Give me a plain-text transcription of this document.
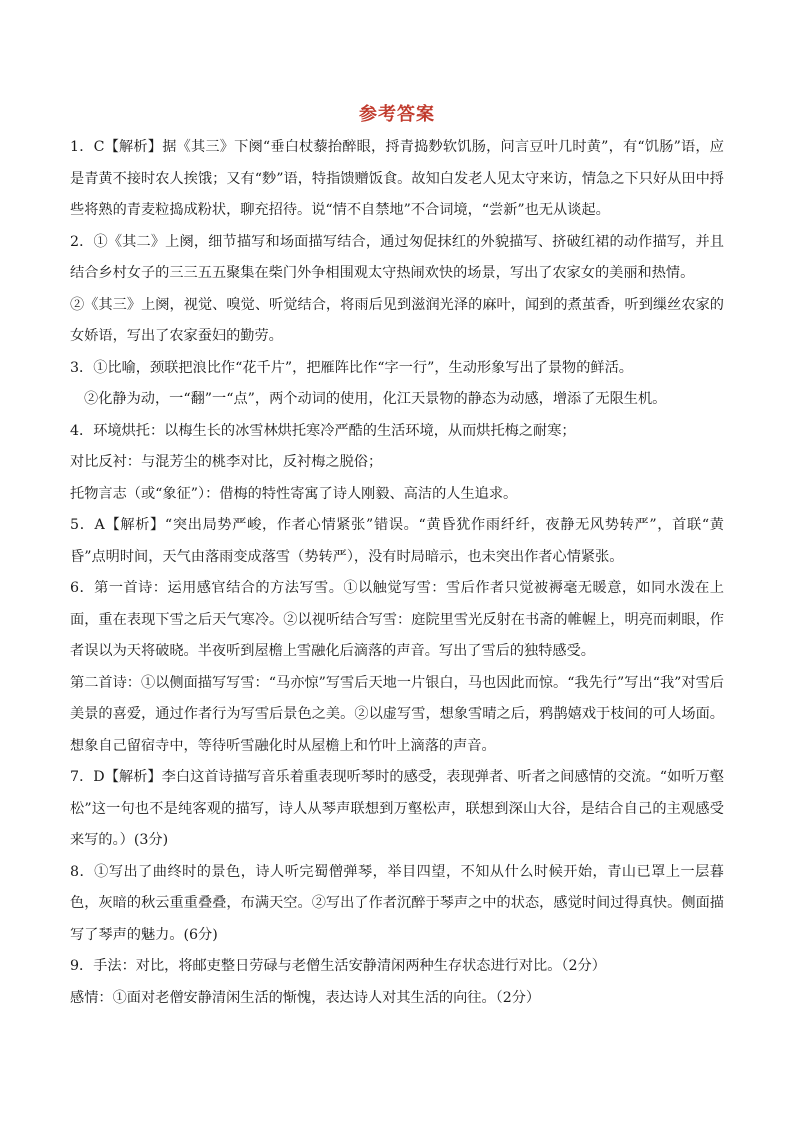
参考答案

1．C【解析】据《其三》下阕“垂白杖藜抬醉眼，捋青捣麨软饥肠，问言豆叶几时黄”，有“饥肠”语，应是青黄不接时农人挨饿；又有“麨”语，特指馈赠饭食。故知白发老人见太守来访，情急之下只好从田中捋些将熟的青麦粒捣成粉状，聊充招待。说“情不自禁地”不合词境，“尝新”也无从谈起。

2．①《其二》上阕，细节描写和场面描写结合，通过匆促抹红的外貌描写、挤破红裙的动作描写，并且结合乡村女子的三三五五聚集在柴门外争相围观太守热闹欢快的场景，写出了农家女的美丽和热情。

②《其三》上阕，视觉、嗅觉、听觉结合，将雨后见到滋润光泽的麻叶，闻到的煮茧香，听到缫丝农家的女娇语，写出了农家蚕妇的勤劳。

3．①比喻，颈联把浪比作“花千片”，把雁阵比作“字一行”，生动形象写出了景物的鲜活。

②化静为动，一“翻”一“点”，两个动词的使用，化江天景物的静态为动感，增添了无限生机。

4．环境烘托：以梅生长的冰雪林烘托寒冷严酷的生活环境，从而烘托梅之耐寒；

对比反衬：与混芳尘的桃李对比，反衬梅之脱俗；

托物言志（或“象征”）：借梅的特性寄寓了诗人刚毅、高洁的人生追求。

5．A【解析】“突出局势严峻，作者心情紧张”错误。“黄昏犹作雨纤纤，夜静无风势转严”，首联“黄昏”点明时间，天气由落雨变成落雪（势转严），没有时局暗示，也未突出作者心情紧张。

6．第一首诗：运用感官结合的方法写雪。①以触觉写雪：雪后作者只觉被褥毫无暖意，如同水泼在上面，重在表现下雪之后天气寒冷。②以视听结合写雪：庭院里雪光反射在书斋的帷幄上，明亮而刺眼，作者误以为天将破晓。半夜听到屋檐上雪融化后滴落的声音。写出了雪后的独特感受。

第二首诗：①以侧面描写写雪：“马亦惊”写雪后天地一片银白，马也因此而惊。“我先行”写出“我”对雪后美景的喜爱，通过作者行为写雪后景色之美。②以虚写雪，想象雪晴之后，鸦鹊嬉戏于枝间的可人场面。想象自己留宿寺中，等待听雪融化时从屋檐上和竹叶上滴落的声音。

7．D【解析】李白这首诗描写音乐着重表现听琴时的感受，表现弹者、听者之间感情的交流。“如听万壑松”这一句也不是纯客观的描写，诗人从琴声联想到万壑松声，联想到深山大谷，是结合自己的主观感受来写的。）(3分)

8．①写出了曲终时的景色，诗人听完蜀僧弹琴，举目四望，不知从什么时候开始，青山已罩上一层暮色，灰暗的秋云重重叠叠，布满天空。②写出了作者沉醉于琴声之中的状态，感觉时间过得真快。侧面描写了琴声的魅力。(6分)

9．手法：对比，将邮吏整日劳碌与老僧生活安静清闲两种生存状态进行对比。（2分）

感情：①面对老僧安静清闲生活的惭愧，表达诗人对其生活的向往。（2分）
